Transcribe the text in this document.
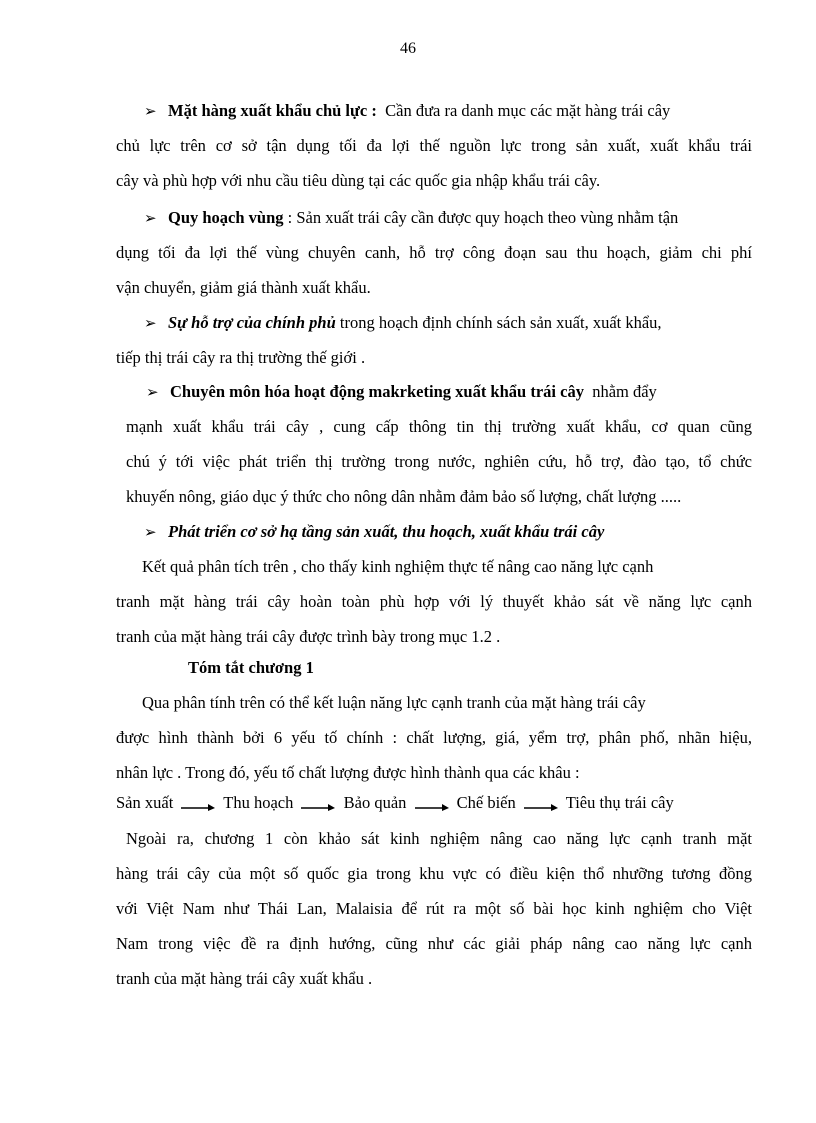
46
➢ Mặt hàng xuất khẩu chủ lực : Cần đưa ra danh mục các mặt hàng trái cây
chủ lực trên cơ sở tận dụng tối đa lợi thế nguồn lực trong sản xuất, xuất khẩu trái
cây và phù hợp với nhu cầu tiêu dùng tại các quốc gia nhập khẩu trái cây.
➢ Quy hoạch vùng : Sản xuất trái cây cần được quy hoạch theo vùng nhằm tận
dụng tối đa lợi thế vùng chuyên canh, hỗ trợ công đoạn sau thu hoạch, giảm chi phí
vận chuyển, giảm giá thành xuất khẩu.
➢ Sự hỗ trợ của chính phủ trong hoạch định chính sách sản xuất, xuất khẩu,
tiếp thị trái cây ra thị trường thế giới .
➢ Chuyên môn hóa hoạt động makrketing xuất khẩu trái cây nhằm đẩy
mạnh xuất khẩu trái cây , cung cấp thông tin thị trường xuất khẩu, cơ quan cũng
chú ý tới việc phát triển thị trường trong nước, nghiên cứu, hỗ trợ, đào tạo, tổ chức
khuyến nông, giáo dục ý thức cho nông dân nhằm đảm bảo số lượng, chất lượng .....
➢ Phát triển cơ sở hạ tầng sản xuất, thu hoạch, xuất khẩu trái cây
Kết quả phân tích trên , cho thấy kinh nghiệm thực tế nâng cao năng lực cạnh
tranh mặt hàng trái cây hoàn toàn phù hợp với lý thuyết khảo sát về năng lực cạnh
tranh của mặt hàng trái cây được trình bày trong mục 1.2 .
Tóm tắt chương 1
Qua phân tính trên có thể kết luận năng lực cạnh tranh của mặt hàng trái cây
được hình thành bởi 6 yếu tố chính : chất lượng, giá, yểm trợ, phân phố, nhãn hiệu,
nhân lực . Trong đó, yếu tố chất lượng được hình thành qua các khâu :
Sản xuất	Thu hoạch	Bảo quản	Chế biến	Tiêu thụ trái cây
Ngoài ra, chương 1 còn khảo sát kinh nghiệm nâng cao năng lực cạnh tranh mặt
hàng trái cây của một số quốc gia trong khu vực có điều kiện thổ nhưỡng tương đồng
với Việt Nam như Thái Lan, Malaisia để rút ra một số bài học kinh nghiệm cho Việt
Nam trong việc đề ra định hướng, cũng như các giải pháp nâng cao năng lực cạnh
tranh của mặt hàng trái cây xuất khẩu .
